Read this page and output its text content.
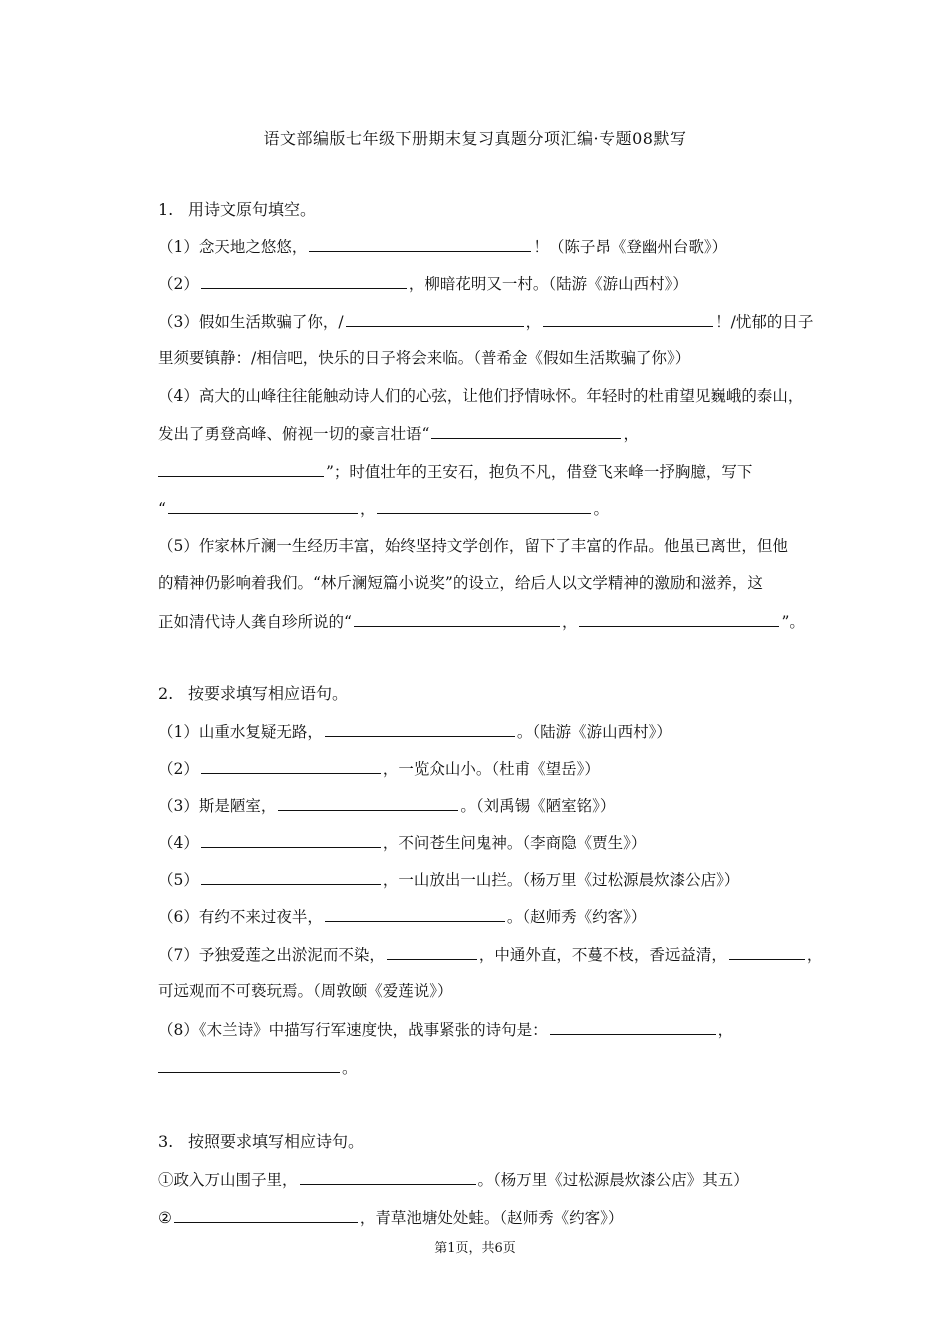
语文部编版七年级下册期末复习真题分项汇编·专题08默写
1. 用诗文原句填空。
（1）念天地之悠悠，	！（陈子昂《登幽州台歌》）
（2）	，柳暗花明又一村。（陆游《游山西村》）
（3）假如生活欺骗了你，/	，	！/忧郁的日子
里须要镇静：/相信吧，快乐的日子将会来临。（普希金《假如生活欺骗了你》）
（4）高大的山峰往往能触动诗人们的心弦，让他们抒情咏怀。年轻时的杜甫望见巍峨的泰山，
发出了勇登高峰、俯视一切的豪言壮语“	，
”；时值壮年的王安石，抱负不凡，借登飞来峰一抒胸臆，写下
“	，	。
（5）作家林斤澜一生经历丰富，始终坚持文学创作，留下了丰富的作品。他虽已离世，但他
的精神仍影响着我们。“林斤澜短篇小说奖”的设立，给后人以文学精神的激励和滋养，这
正如清代诗人龚自珍所说的“	，	”。
2. 按要求填写相应语句。
（1）山重水复疑无路，	。（陆游《游山西村》）
（2）	，一览众山小。（杜甫《望岳》）
（3）斯是陋室，	。（刘禹锡《陋室铭》）
（4）	，不问苍生问鬼神。（李商隐《贾生》）
（5）	，一山放出一山拦。（杨万里《过松源晨炊漆公店》）
（6）有约不来过夜半，	。（赵师秀《约客》）
（7）予独爱莲之出淤泥而不染，	，中通外直，不蔓不枝，香远益清，	，
可远观而不可亵玩焉。（周敦颐《爱莲说》）
（8）《木兰诗》中描写行军速度快，战事紧张的诗句是：	，
。
3. 按照要求填写相应诗句。
①政入万山围子里，	。（杨万里《过松源晨炊漆公店》其五）
②	，青草池塘处处蛙。（赵师秀《约客》）
第1页，共6页
